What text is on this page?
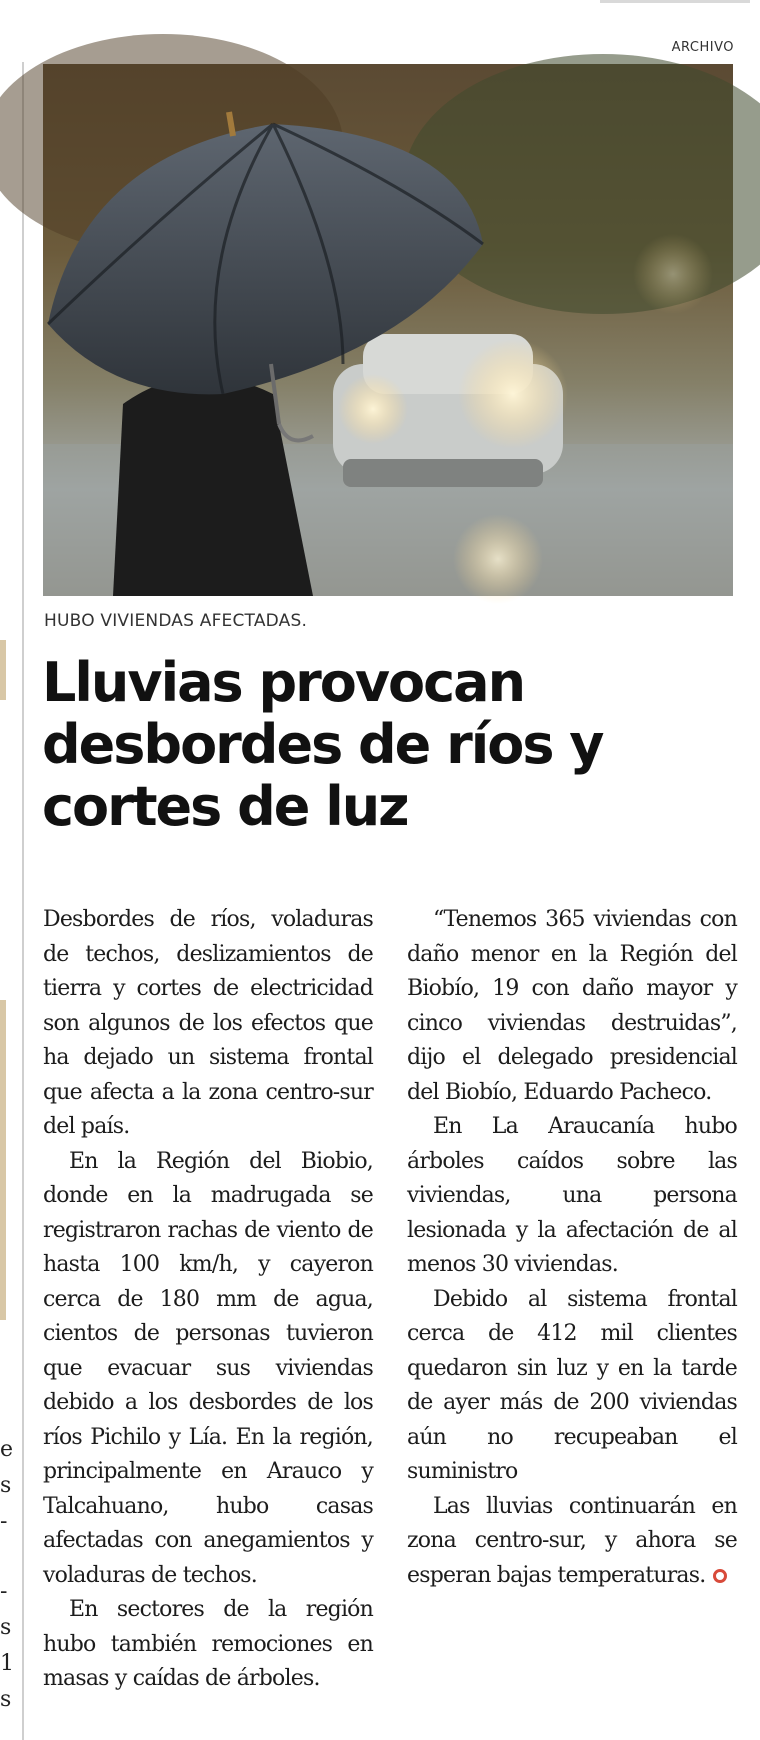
e
s
-
-
s
1
s
ARCHIVO
HUBO VIVIENDAS AFECTADAS.
Lluvias provocan desbordes de ríos y cortes de luz

Desbordes de ríos, voladuras de techos, deslizamientos de tierra y cortes de electricidad son algunos de los efectos que ha dejado un sistema frontal que afecta a la zona centro-sur del país.

En la Región del Biobio, donde en la madrugada se registraron rachas de viento de hasta 100 km/h, y cayeron cerca de 180 mm de agua, cientos de personas tuvieron que evacuar sus viviendas debido a los desbordes de los ríos Pichilo y Lía. En la región, principalmente en Arauco y Talcahuano, hubo casas afectadas con anegamientos y voladuras de techos.

En sectores de la región hubo también remociones en masas y caídas de árboles.

“Tenemos 365 viviendas con daño menor en la Región del Biobío, 19 con daño mayor y cinco viviendas destruidas”, dijo el delegado presidencial del Biobío, Eduardo Pacheco.

En La Araucanía hubo árboles caídos sobre las viviendas, una persona lesionada y la afectación de al menos 30 viviendas.

Debido al sistema frontal cerca de 412 mil clientes quedaron sin luz y en la tarde de ayer más de 200 viviendas aún no recupeaban el suministro

Las lluvias continuarán en zona centro-sur, y ahora se esperan bajas temperaturas.
